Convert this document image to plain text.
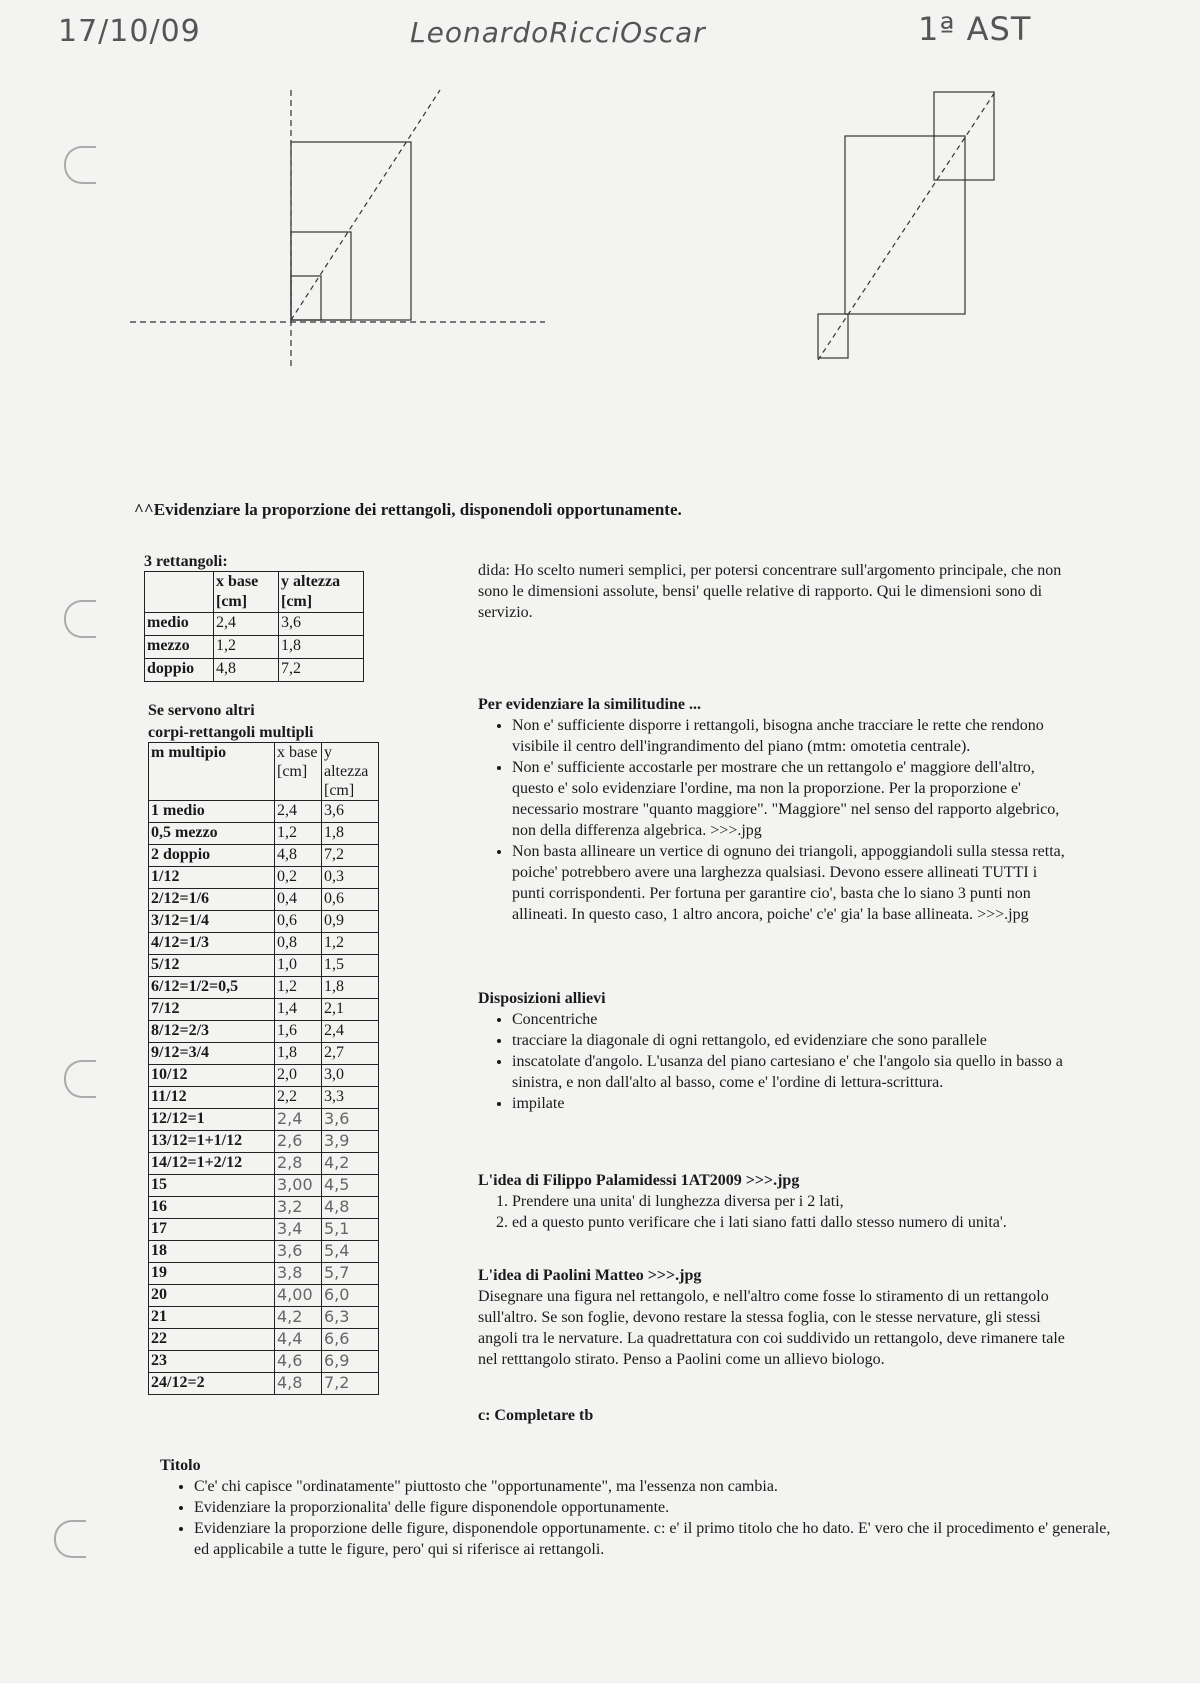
17/10/09	LeonardoRicciOscar	1ª AST
^^Evidenziare la proporzione dei rettangoli, disponendoli opportunamente.
3 rettangoli:
	x base [cm]	y altezza [cm]
medio	2,4	3,6
mezzo	1,2	1,8
doppio	4,8	7,2
Se servono altri
corpi-rettangoli multipli
m multipio	x base [cm]	y altezza [cm]
1 medio	2,4	3,6
0,5 mezzo	1,2	1,8
2 doppio	4,8	7,2
1/12	0,2	0,3
2/12=1/6	0,4	0,6
3/12=1/4	0,6	0,9
4/12=1/3	0,8	1,2
5/12	1,0	1,5
6/12=1/2=0,5	1,2	1,8
7/12	1,4	2,1
8/12=2/3	1,6	2,4
9/12=3/4	1,8	2,7
10/12	2,0	3,0
11/12	2,2	3,3
12/12=1	2,4	3,6
13/12=1+1/12	2,6	3,9
14/12=1+2/12	2,8	4,2
15	3,00	4,5
16	3,2	4,8
17	3,4	5,1
18	3,6	5,4
19	3,8	5,7
20	4,00	6,0
21	4,2	6,3
22	4,4	6,6
23	4,6	6,9
24/12=2	4,8	7,2
dida: Ho scelto numeri semplici, per potersi concentrare sull'argomento principale, che non sono le dimensioni assolute, bensi' quelle relative di rapporto. Qui le dimensioni sono di servizio.
Per evidenziare la similitudine ...
• Non e' sufficiente disporre i rettangoli, bisogna anche tracciare le rette che rendono visibile il centro dell'ingrandimento del piano (mtm: omotetia centrale).
• Non e' sufficiente accostarle per mostrare che un rettangolo e' maggiore dell'altro, questo e' solo evidenziare l'ordine, ma non la proporzione. Per la proporzione e' necessario mostrare "quanto maggiore". "Maggiore" nel senso del rapporto algebrico, non della differenza algebrica. >>>.jpg
• Non basta allineare un vertice di ognuno dei triangoli, appoggiandoli sulla stessa retta, poiche' potrebbero avere una larghezza qualsiasi. Devono essere allineati TUTTI i punti corrispondenti. Per fortuna per garantire cio', basta che lo siano 3 punti non allineati. In questo caso, 1 altro ancora, poiche' c'e' gia' la base allineata. >>>.jpg
Disposizioni allievi
• Concentriche
• tracciare la diagonale di ogni rettangolo, ed evidenziare che sono parallele
• inscatolate d'angolo. L'usanza del piano cartesiano e' che l'angolo sia quello in basso a sinistra, e non dall'alto al basso, come e' l'ordine di lettura-scrittura.
• impilate
L'idea di Filippo Palamidessi 1AT2009 >>>.jpg
1. Prendere una unita' di lunghezza diversa per i 2 lati,
2. ed a questo punto verificare che i lati siano fatti dallo stesso numero di unita'.
L'idea di Paolini Matteo >>>.jpg
Disegnare una figura nel rettangolo, e nell'altro come fosse lo stiramento di un rettangolo sull'altro. Se son foglie, devono restare la stessa foglia, con le stesse nervature, gli stessi angoli tra le nervature. La quadrettatura con coi suddivido un rettangolo, deve rimanere tale nel retttangolo stirato. Penso a Paolini come un allievo biologo.
c: Completare tb
Titolo
• C'e' chi capisce "ordinatamente" piuttosto che "opportunamente", ma l'essenza non cambia.
• Evidenziare la proporzionalita' delle figure disponendole opportunamente.
• Evidenziare la proporzione delle figure, disponendole opportunamente. c: e' il primo titolo che ho dato. E' vero che il procedimento e' generale, ed applicabile a tutte le figure, pero' qui si riferisce ai rettangoli.
